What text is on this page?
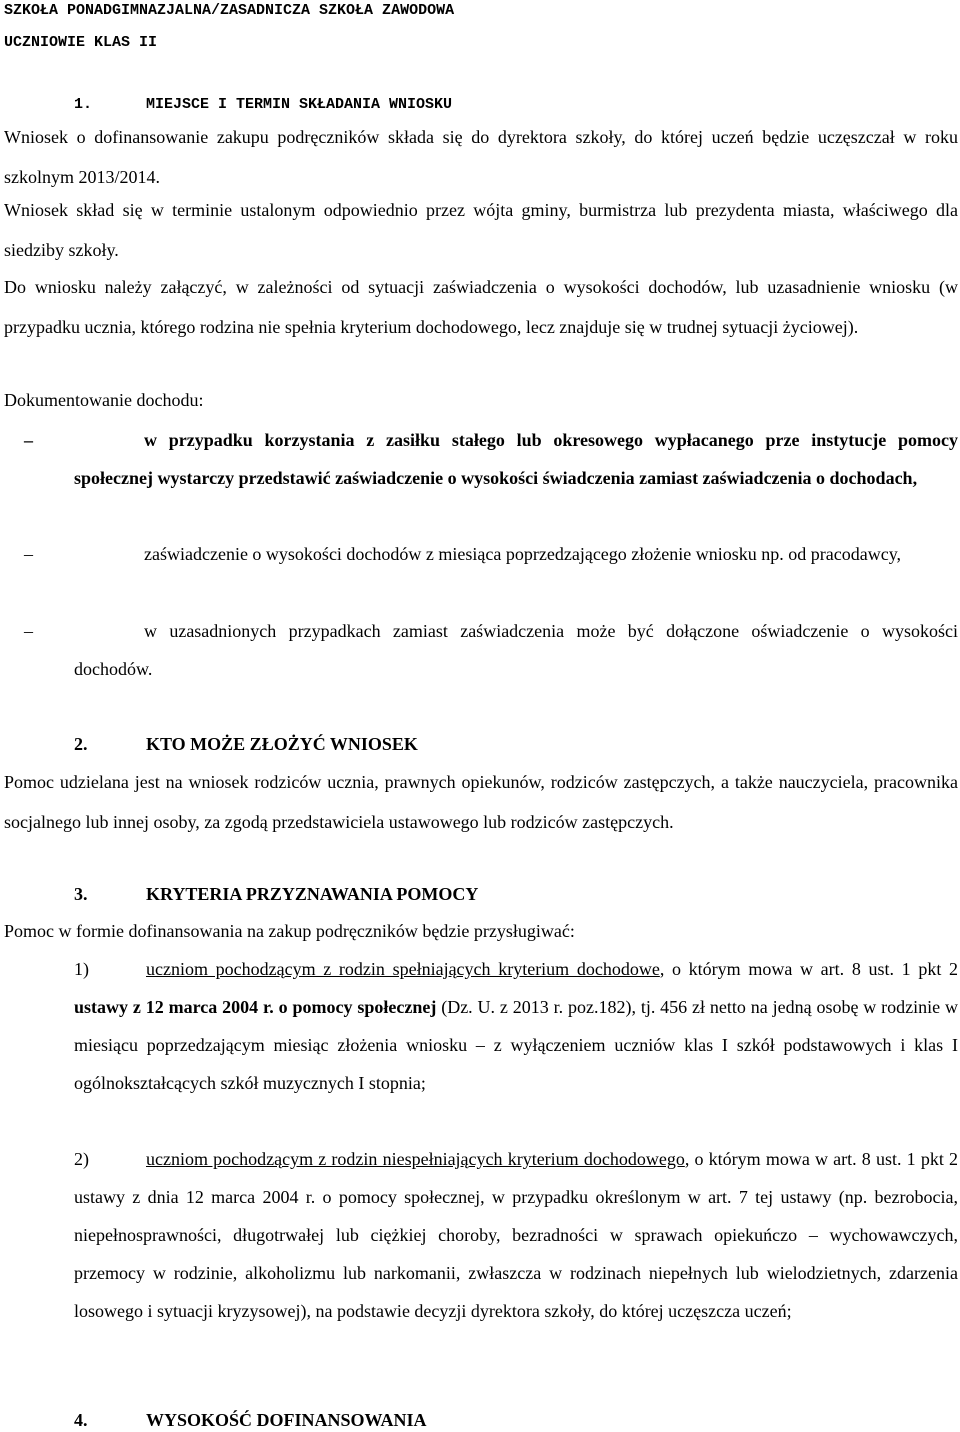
SZKOŁA PONADGIMNAZJALNA/ZASADNICZA SZKOŁA ZAWODOWA
UCZNIOWIE KLAS II
1.	MIEJSCE I TERMIN SKŁADANIA WNIOSKU
Wniosek o dofinansowanie zakupu podręczników składa się do dyrektora szkoły, do której uczeń będzie uczęszczał w roku szkolnym 2013/2014.
Wniosek skład się w terminie ustalonym odpowiednio przez wójta gminy, burmistrza lub prezydenta miasta, właściwego dla siedziby szkoły.
Do wniosku należy załączyć, w zależności od sytuacji zaświadczenia o wysokości dochodów, lub uzasadnienie wniosku (w przypadku ucznia, którego rodzina nie spełnia kryterium dochodowego, lecz znajduje się w trudnej sytuacji życiowej).
Dokumentowanie dochodu:
–	w przypadku korzystania z zasiłku stałego lub okresowego wypłacanego prze instytucje pomocy społecznej wystarczy przedstawić zaświadczenie o wysokości świadczenia zamiast zaświadczenia o dochodach,
–	zaświadczenie o wysokości dochodów z miesiąca poprzedzającego złożenie wniosku np. od pracodawcy,
–	w uzasadnionych przypadkach zamiast zaświadczenia może być dołączone oświadczenie o wysokości dochodów.
2.	KTO MOŻE ZŁOŻYĆ WNIOSEK
Pomoc udzielana jest na wniosek rodziców ucznia, prawnych opiekunów, rodziców zastępczych, a także nauczyciela, pracownika socjalnego lub innej osoby, za zgodą przedstawiciela ustawowego lub rodziców zastępczych.
3.	KRYTERIA PRZYZNAWANIA POMOCY
Pomoc w formie dofinansowania na zakup podręczników będzie przysługiwać:
1)	uczniom pochodzącym z rodzin spełniających kryterium dochodowe, o którym mowa w art. 8 ust. 1 pkt 2 ustawy z 12 marca 2004 r. o pomocy społecznej (Dz. U. z 2013 r. poz.182), tj. 456 zł netto na jedną osobę w rodzinie w miesiącu poprzedzającym miesiąc złożenia wniosku – z wyłączeniem uczniów klas I szkół podstawowych i klas I ogólnokształcących szkół muzycznych I stopnia;
2)	uczniom pochodzącym z rodzin niespełniających kryterium dochodowego, o którym mowa w art. 8 ust. 1 pkt 2 ustawy z dnia 12 marca 2004 r. o pomocy społecznej, w przypadku określonym w art. 7 tej ustawy (np. bezrobocia, niepełnosprawności, długotrwałej lub ciężkiej choroby, bezradności w sprawach opiekuńczo – wychowawczych, przemocy w rodzinie, alkoholizmu lub narkomanii, zwłaszcza w rodzinach niepełnych lub wielodzietnych, zdarzenia losowego i sytuacji kryzysowej), na podstawie decyzji dyrektora szkoły, do której uczęszcza uczeń;
4.	WYSOKOŚĆ DOFINANSOWANIA
